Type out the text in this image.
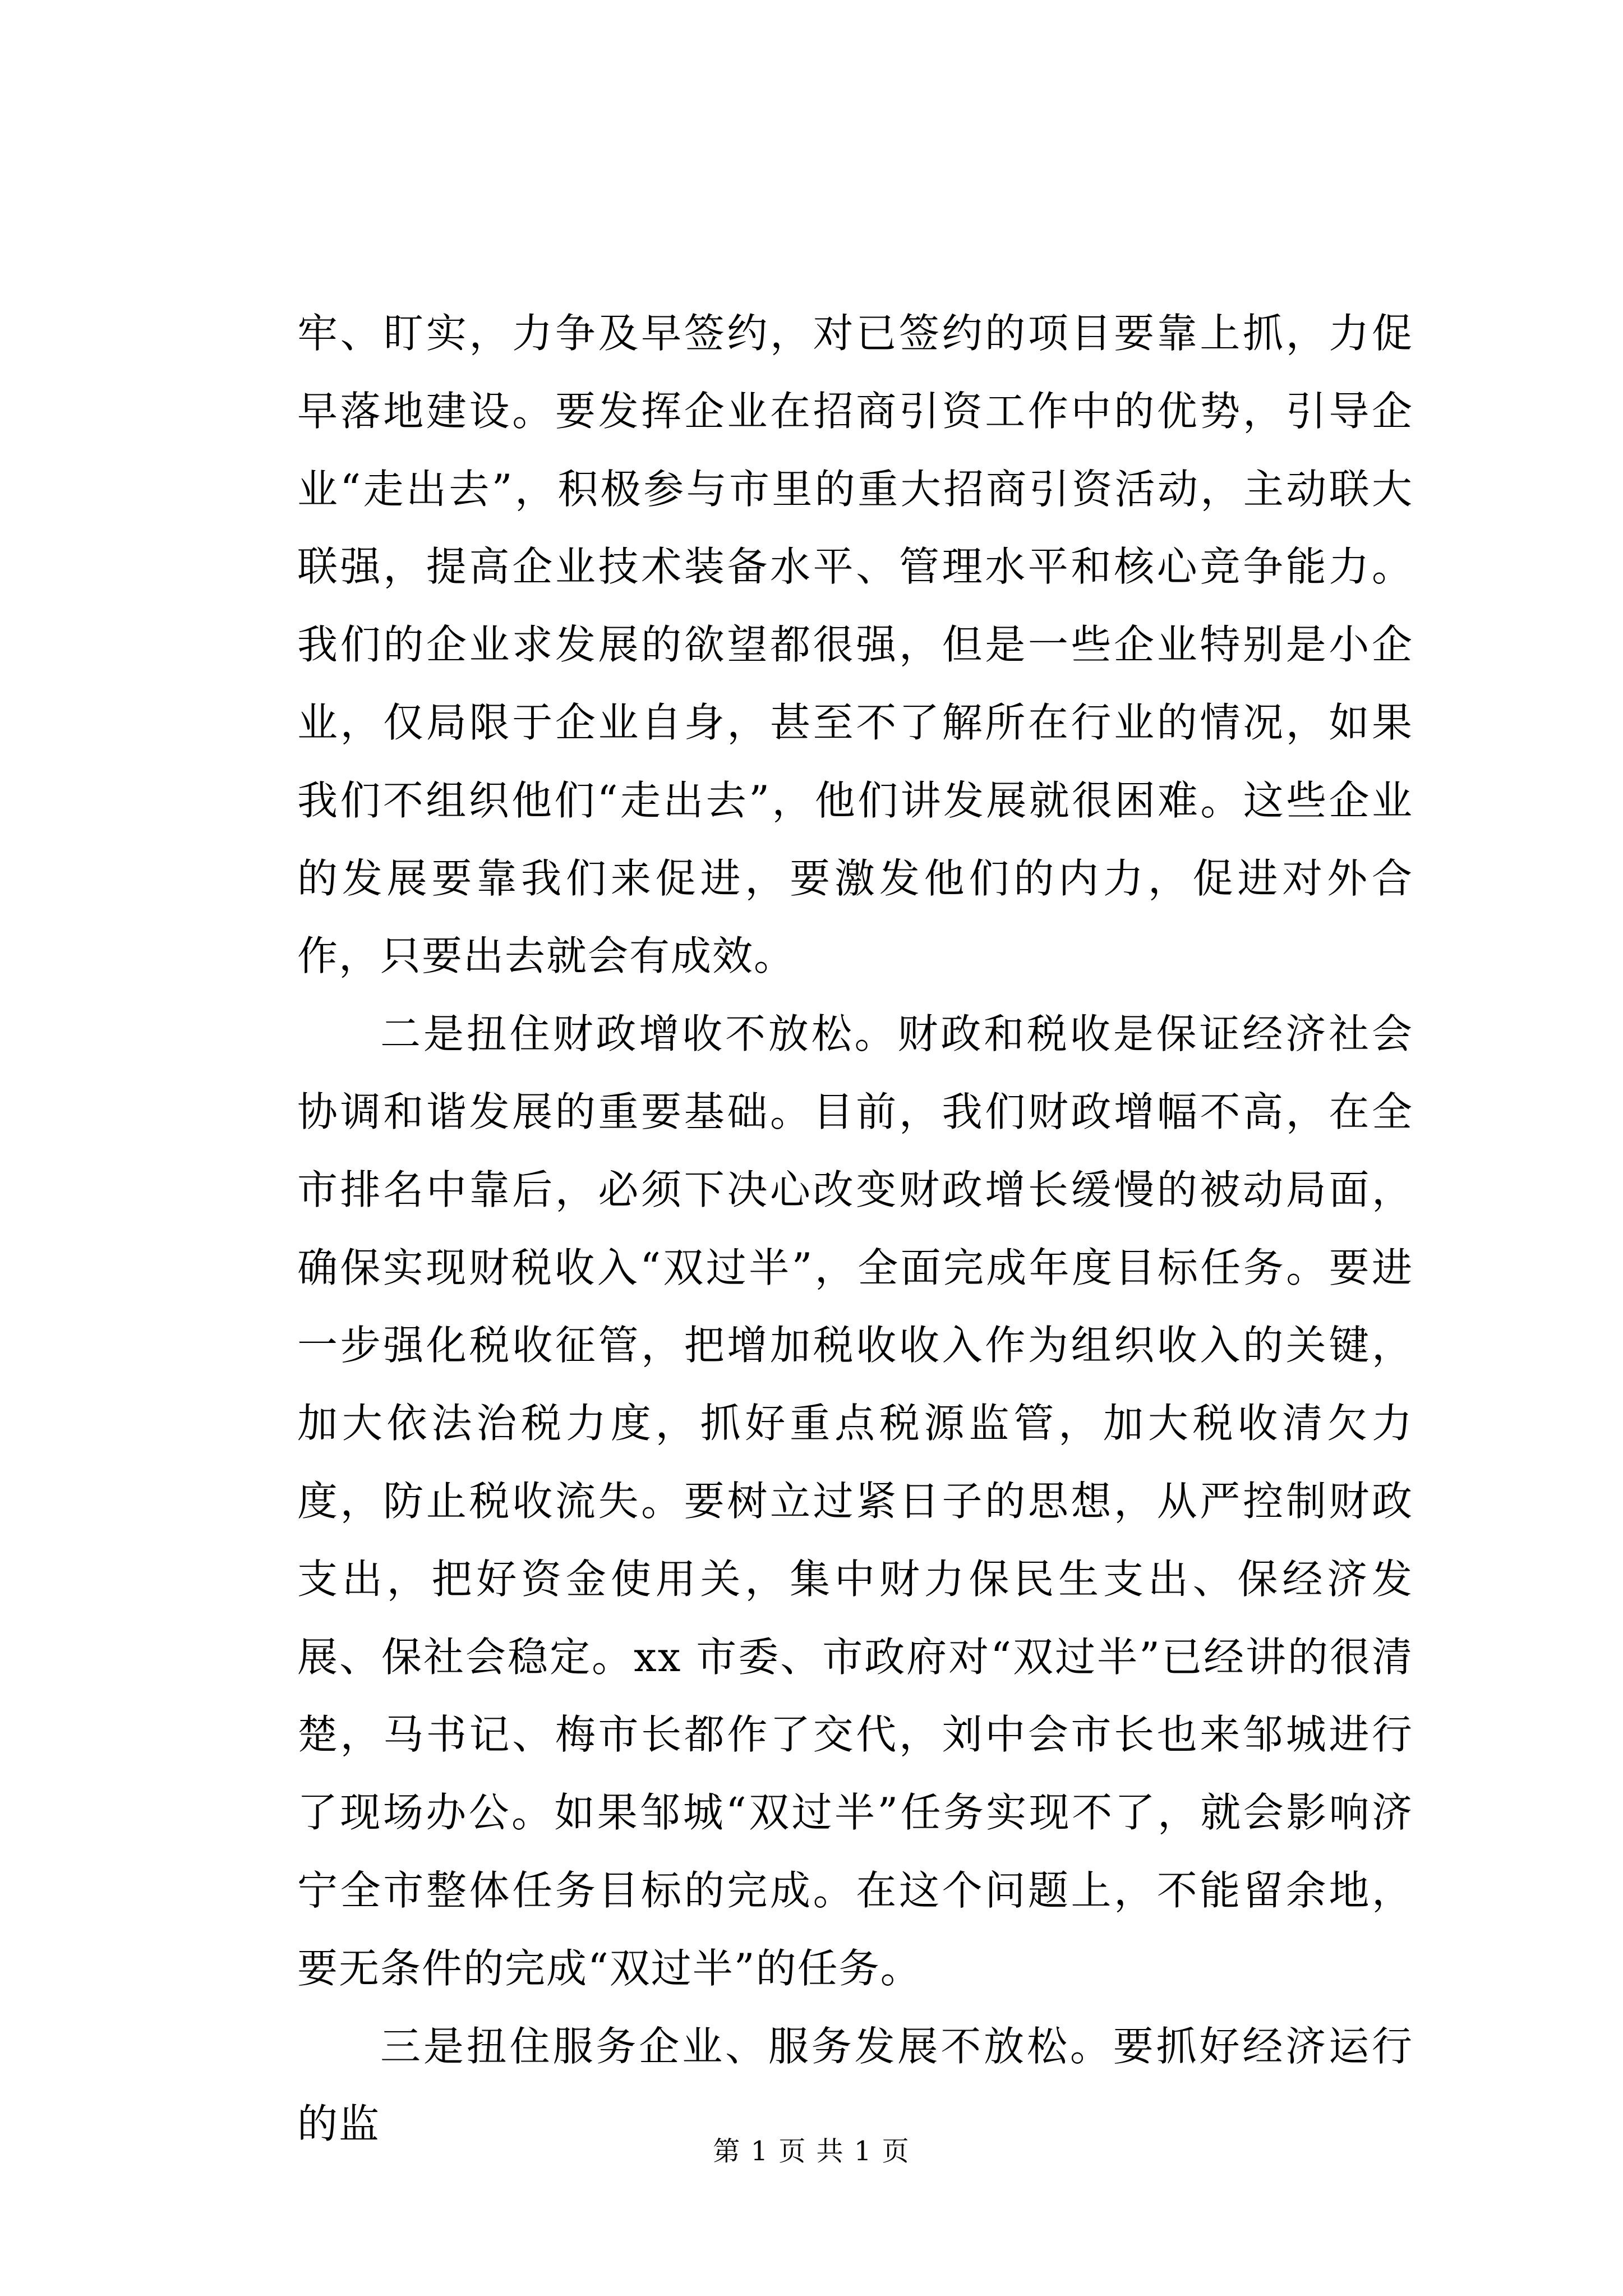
牢、盯实，力争及早签约，对已签约的项目要靠上抓，力促早落地建设。要发挥企业在招商引资工作中的优势，引导企业“走出去”，积极参与市里的重大招商引资活动，主动联大联强，提高企业技术装备水平、管理水平和核心竞争能力。我们的企业求发展的欲望都很强，但是一些企业特别是小企业，仅局限于企业自身，甚至不了解所在行业的情况，如果我们不组织他们“走出去”，他们讲发展就很困难。这些企业的发展要靠我们来促进，要激发他们的内力，促进对外合作，只要出去就会有成效。

二是扭住财政增收不放松。财政和税收是保证经济社会协调和谐发展的重要基础。目前，我们财政增幅不高，在全市排名中靠后，必须下决心改变财政增长缓慢的被动局面，确保实现财税收入“双过半”，全面完成年度目标任务。要进一步强化税收征管，把增加税收收入作为组织收入的关键，加大依法治税力度，抓好重点税源监管，加大税收清欠力度，防止税收流失。要树立过紧日子的思想，从严控制财政支出，把好资金使用关，集中财力保民生支出、保经济发展、保社会稳定。xx 市委、市政府对“双过半”已经讲的很清楚，马书记、梅市长都作了交代，刘中会市长也来邹城进行了现场办公。如果邹城“双过半”任务实现不了，就会影响济宁全市整体任务目标的完成。在这个问题上，不能留余地，要无条件的完成“双过半”的任务。

三是扭住服务企业、服务发展不放松。要抓好经济运行的监

第 1 页 共 1 页
